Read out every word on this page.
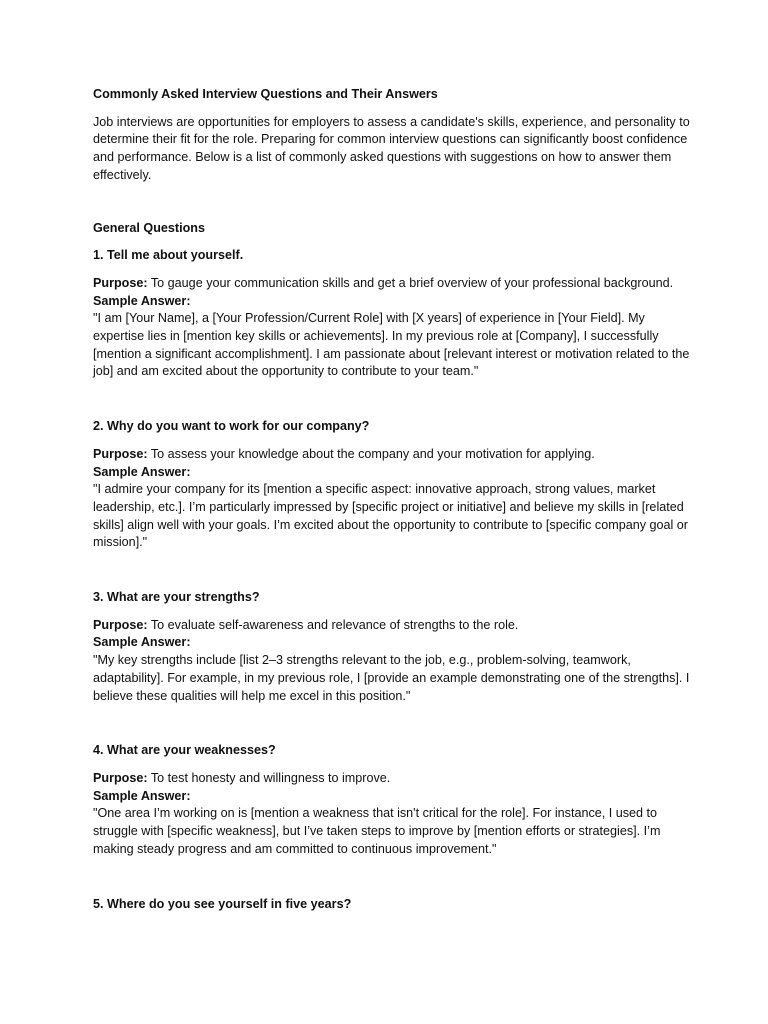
Commonly Asked Interview Questions and Their Answers

Job interviews are opportunities for employers to assess a candidate's skills, experience, and personality to determine their fit for the role. Preparing for common interview questions can significantly boost confidence and performance. Below is a list of commonly asked questions with suggestions on how to answer them effectively.

General Questions

1. Tell me about yourself.

Purpose: To gauge your communication skills and get a brief overview of your professional background.

Sample Answer:

"I am [Your Name], a [Your Profession/Current Role] with [X years] of experience in [Your Field]. My expertise lies in [mention key skills or achievements]. In my previous role at [Company], I successfully [mention a significant accomplishment]. I am passionate about [relevant interest or motivation related to the job] and am excited about the opportunity to contribute to your team."

2. Why do you want to work for our company?

Purpose: To assess your knowledge about the company and your motivation for applying.

Sample Answer:

"I admire your company for its [mention a specific aspect: innovative approach, strong values, market leadership, etc.]. I’m particularly impressed by [specific project or initiative] and believe my skills in [related skills] align well with your goals. I’m excited about the opportunity to contribute to [specific company goal or mission]."

3. What are your strengths?

Purpose: To evaluate self-awareness and relevance of strengths to the role.

Sample Answer:

"My key strengths include [list 2–3 strengths relevant to the job, e.g., problem-solving, teamwork, adaptability]. For example, in my previous role, I [provide an example demonstrating one of the strengths]. I believe these qualities will help me excel in this position."

4. What are your weaknesses?

Purpose: To test honesty and willingness to improve.

Sample Answer:

"One area I’m working on is [mention a weakness that isn't critical for the role]. For instance, I used to struggle with [specific weakness], but I’ve taken steps to improve by [mention efforts or strategies]. I’m making steady progress and am committed to continuous improvement."

5. Where do you see yourself in five years?
